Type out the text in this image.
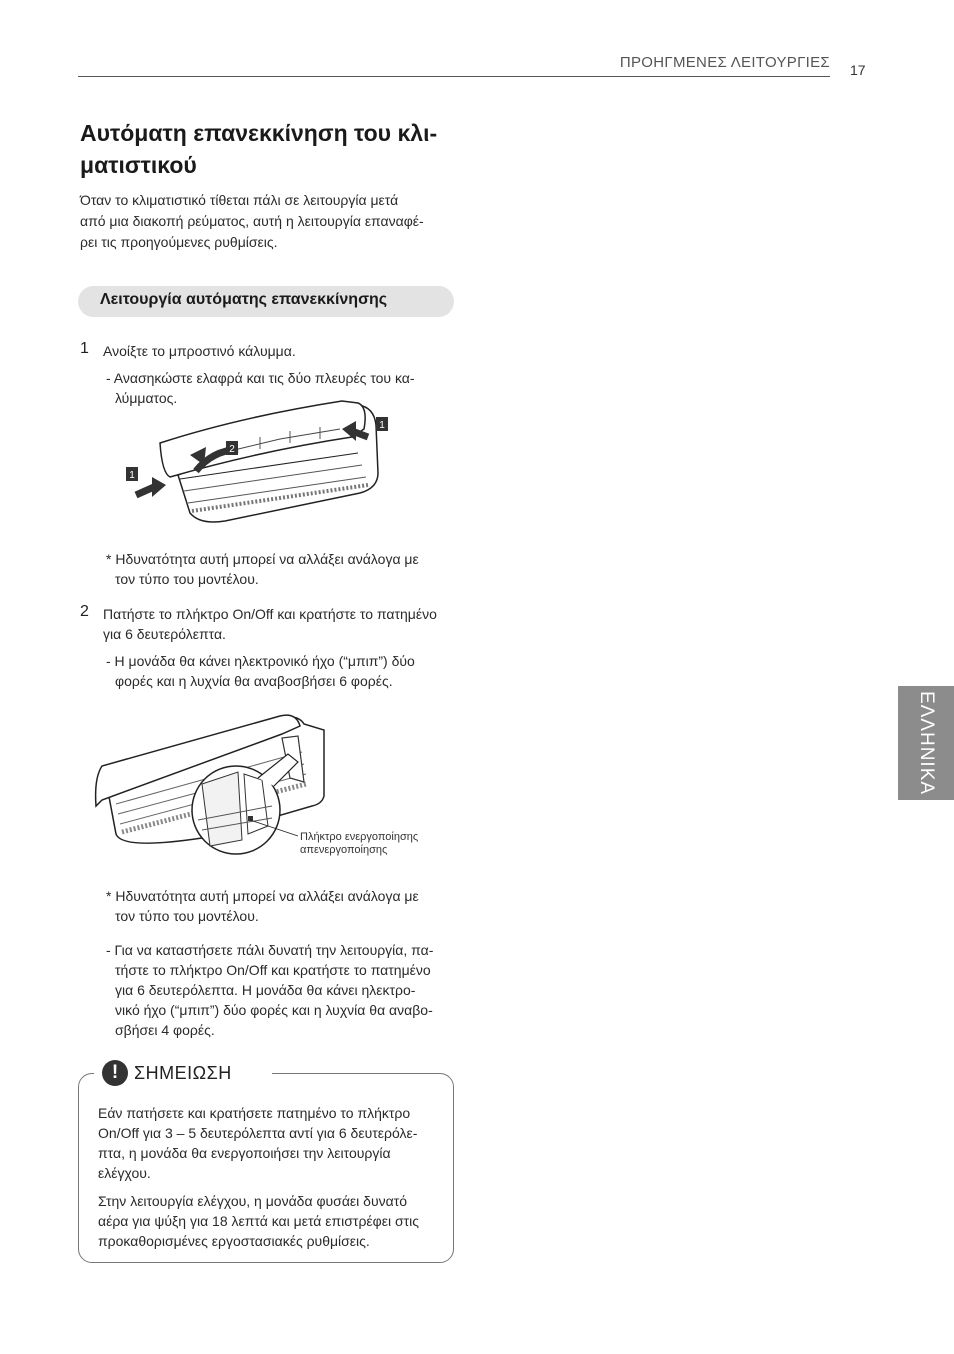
ΠΡΟΗΓΜΕΝΕΣ ΛΕΙΤΟΥΡΓΙΕΣ 17
ΕΛΛΗΝΙΚΑ
Αυτόματη επανεκκίνηση του κλι-
ματιστικού
Όταν το κλιματιστικό τίθεται πάλι σε λειτουργία μετά
από μια διακοπή ρεύματος, αυτή η λειτουργία επαναφέ-
ρει τις προηγούμενες ρυθμίσεις.
Λειτουργία αυτόματης επανεκκίνησης
1 Ανοίξτε το μπροστινό κάλυμμα.
- Ανασηκώστε ελαφρά και τις δύο πλευρές του κα-
λύμματος.
1
2
1
* Ηδυνατότητα αυτή μπορεί να αλλάξει ανάλογα με
τον τύπο του μοντέλου.
2 Πατήστε το πλήκτρο On/Off και κρατήστε το πατημένο
για 6 δευτερόλεπτα.
- Η μονάδα θα κάνει ηλεκτρονικό ήχο (“μπιπ”) δύο
φορές και η λυχνία θα αναβοσβήσει 6 φορές.
Πλήκτρο ενεργοποίησης
απενεργοποίησης
* Ηδυνατότητα αυτή μπορεί να αλλάξει ανάλογα με
τον τύπο του μοντέλου.
- Για να καταστήσετε πάλι δυνατή την λειτουργία, πα-
τήστε το πλήκτρο On/Off και κρατήστε το πατημένο
για 6 δευτερόλεπτα. Η μονάδα θα κάνει ηλεκτρο-
νικό ήχο (“μπιπ”) δύο φορές και η λυχνία θα αναβο-
σβήσει 4 φορές.
! ΣΗΜΕΙΩΣΗ
Εάν πατήσετε και κρατήσετε πατημένο το πλήκτρο
On/Off για 3 – 5 δευτερόλεπτα αντί για 6 δευτερόλε-
πτα, η μονάδα θα ενεργοποιήσει την λειτουργία
ελέγχου.
Στην λειτουργία ελέγχου, η μονάδα φυσάει δυνατό
αέρα για ψύξη για 18 λεπτά και μετά επιστρέφει στις
προκαθορισμένες εργοστασιακές ρυθμίσεις.
